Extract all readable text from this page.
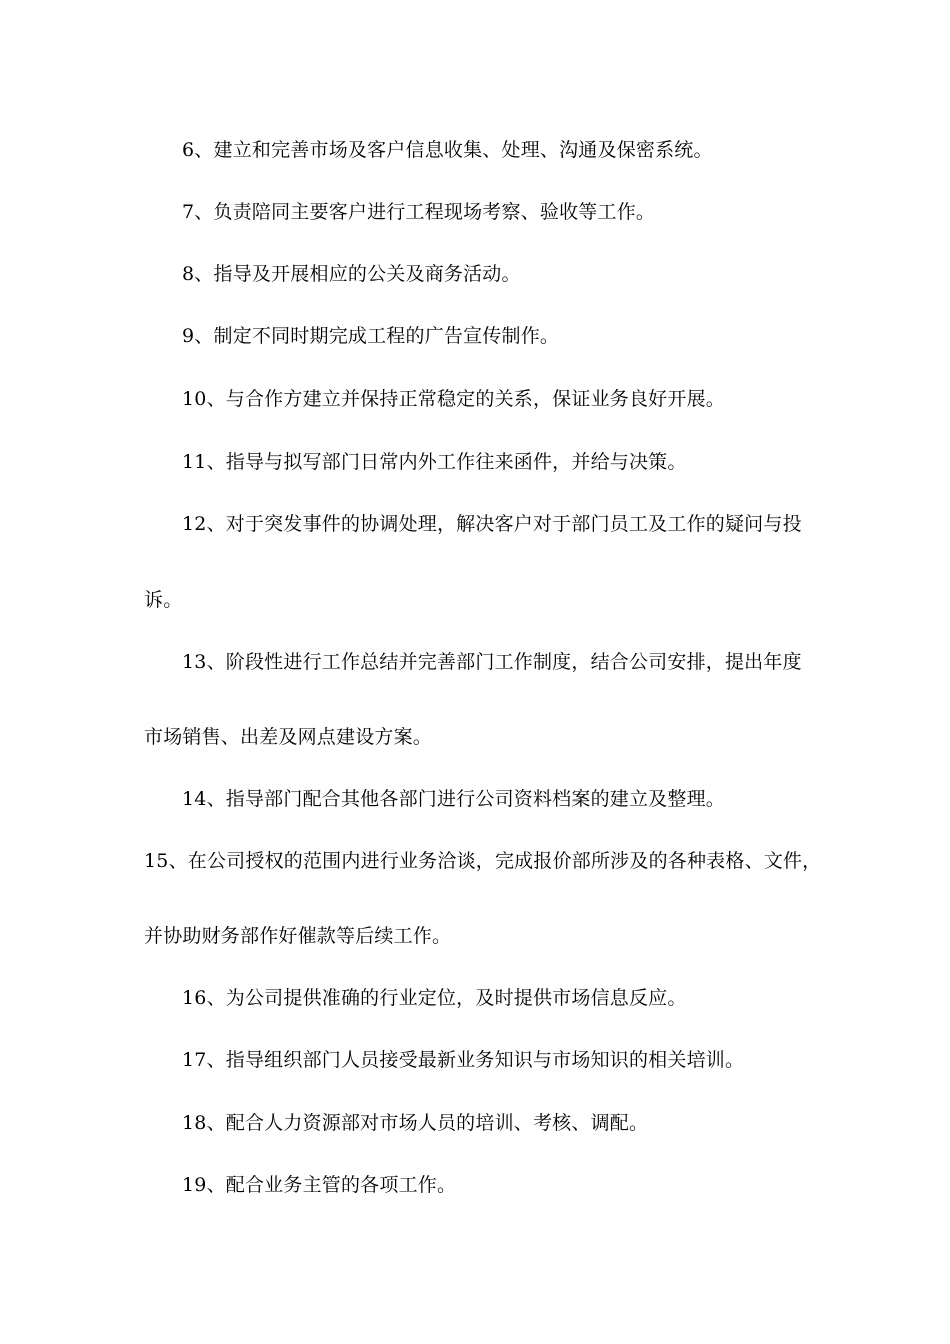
6、建立和完善市场及客户信息收集、处理、沟通及保密系统。
7、负责陪同主要客户进行工程现场考察、验收等工作。
8、指导及开展相应的公关及商务活动。
9、制定不同时期完成工程的广告宣传制作。
10、与合作方建立并保持正常稳定的关系，保证业务良好开展。
11、指导与拟写部门日常内外工作往来函件，并给与决策。
12、对于突发事件的协调处理，解决客户对于部门员工及工作的疑问与投
诉。
13、阶段性进行工作总结并完善部门工作制度，结合公司安排，提出年度
市场销售、出差及网点建设方案。
14、指导部门配合其他各部门进行公司资料档案的建立及整理。
15、在公司授权的范围内进行业务洽谈，完成报价部所涉及的各种表格、文件，
并协助财务部作好催款等后续工作。
16、为公司提供准确的行业定位，及时提供市场信息反应。
17、指导组织部门人员接受最新业务知识与市场知识的相关培训。
18、配合人力资源部对市场人员的培训、考核、调配。
19、配合业务主管的各项工作。
